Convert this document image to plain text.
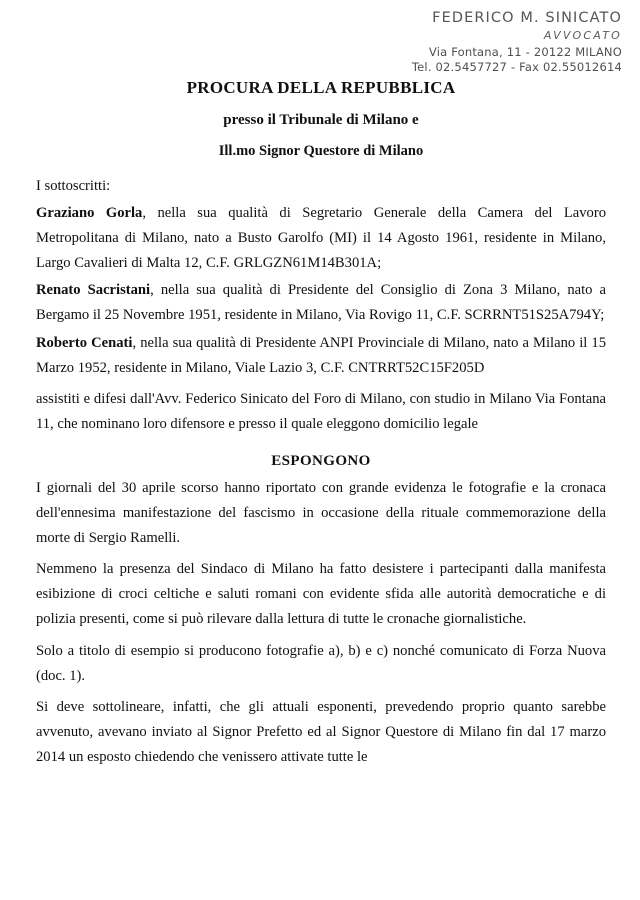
FEDERICO M. SINICATO
AVVOCATO
Via Fontana, 11 - 20122 MILANO
Tel. 02.5457727 - Fax 02.55012614
PROCURA DELLA REPUBBLICA
presso il Tribunale di Milano e
Ill.mo Signor Questore di Milano

I sottoscritti:

Graziano Gorla, nella sua qualità di Segretario Generale della Camera del Lavoro Metropolitana di Milano, nato a Busto Garolfo (MI) il 14 Agosto 1961, residente in Milano, Largo Cavalieri di Malta 12, C.F. GRLGZN61M14B301A;

Renato Sacristani, nella sua qualità di Presidente del Consiglio di Zona 3 Milano, nato a Bergamo il 25 Novembre 1951, residente in Milano, Via Rovigo 11, C.F. SCRRNT51S25A794Y;

Roberto Cenati, nella sua qualità di Presidente ANPI Provinciale di Milano, nato a Milano il 15 Marzo 1952, residente in Milano, Viale Lazio 3, C.F. CNTRRT52C15F205D

assistiti e difesi dall'Avv. Federico Sinicato del Foro di Milano, con studio in Milano Via Fontana 11, che nominano loro difensore e presso il quale eleggono domicilio legale

ESPONGONO

I giornali del 30 aprile scorso hanno riportato con grande evidenza le fotografie e la cronaca dell'ennesima manifestazione del fascismo in occasione della rituale commemorazione della morte di Sergio Ramelli.

Nemmeno la presenza del Sindaco di Milano ha fatto desistere i partecipanti dalla manifesta esibizione di croci celtiche e saluti romani con evidente sfida alle autorità democratiche e di polizia presenti, come si può rilevare dalla lettura di tutte le cronache giornalistiche.

Solo a titolo di esempio si producono fotografie a), b) e c) nonché comunicato di Forza Nuova (doc. 1).

Si deve sottolineare, infatti, che gli attuali esponenti, prevedendo proprio quanto sarebbe avvenuto, avevano inviato al Signor Prefetto ed al Signor Questore di Milano fin dal 17 marzo 2014 un esposto chiedendo che venissero attivate tutte le
